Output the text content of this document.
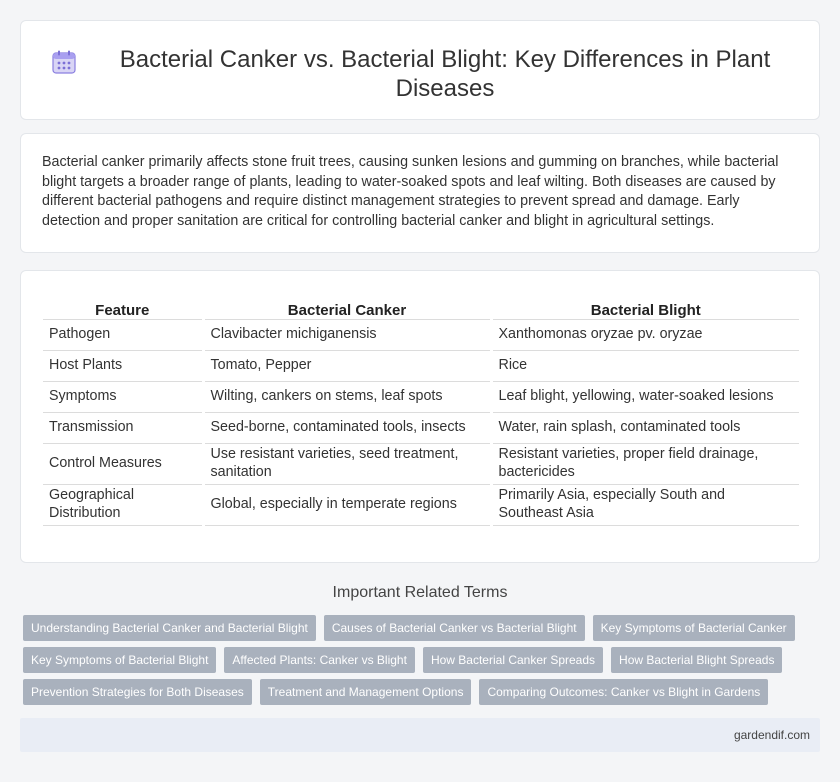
Bacterial Canker vs. Bacterial Blight: Key Differences in Plant Diseases

Bacterial canker primarily affects stone fruit trees, causing sunken lesions and gumming on branches, while bacterial blight targets a broader range of plants, leading to water-soaked spots and leaf wilting. Both diseases are caused by different bacterial pathogens and require distinct management strategies to prevent spread and damage. Early detection and proper sanitation are critical for controlling bacterial canker and blight in agricultural settings.

Feature	Bacterial Canker	Bacterial Blight
Pathogen	Clavibacter michiganensis	Xanthomonas oryzae pv. oryzae
Host Plants	Tomato, Pepper	Rice
Symptoms	Wilting, cankers on stems, leaf spots	Leaf blight, yellowing, water-soaked lesions
Transmission	Seed-borne, contaminated tools, insects	Water, rain splash, contaminated tools
Control Measures	Use resistant varieties, seed treatment, sanitation	Resistant varieties, proper field drainage, bactericides
Geographical Distribution	Global, especially in temperate regions	Primarily Asia, especially South and Southeast Asia
Important Related Terms
Understanding Bacterial Canker and Bacterial Blight	Causes of Bacterial Canker vs Bacterial Blight	Key Symptoms of Bacterial Canker
Key Symptoms of Bacterial Blight	Affected Plants: Canker vs Blight	How Bacterial Canker Spreads	How Bacterial Blight Spreads
Prevention Strategies for Both Diseases	Treatment and Management Options	Comparing Outcomes: Canker vs Blight in Gardens
gardendif.com
